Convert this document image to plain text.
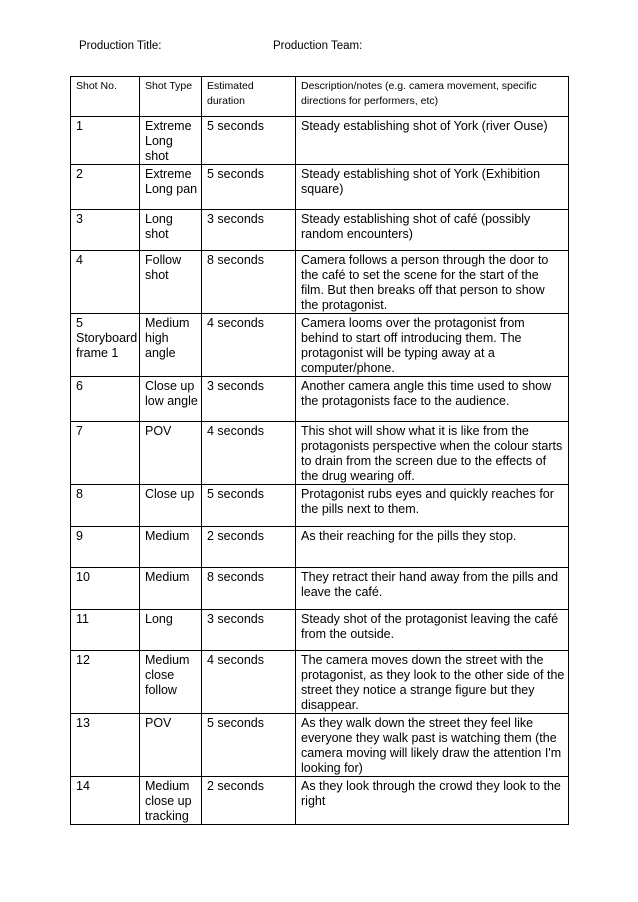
Production Title:	Production Team:
Shot No.	Shot Type	Estimated duration	Description/notes (e.g. camera movement, specific directions for performers, etc)
1	Extreme Long shot	5 seconds	Steady establishing shot of York (river Ouse)
2	Extreme Long pan	5 seconds	Steady establishing shot of York (Exhibition square)
3	Long shot	3 seconds	Steady establishing shot of café (possibly random encounters)
4	Follow shot	8 seconds	Camera follows a person through the door to the café to set the scene for the start of the film. But then breaks off that person to show the protagonist.
5 Storyboard frame 1	Medium high angle	4 seconds	Camera looms over the protagonist from behind to start off introducing them. The protagonist will be typing away at a computer/phone.
6	Close up low angle	3 seconds	Another camera angle this time used to show the protagonists face to the audience.
7	POV	4 seconds	This shot will show what it is like from the protagonists perspective when the colour starts to drain from the screen due to the effects of the drug wearing off.
8	Close up	5 seconds	Protagonist rubs eyes and quickly reaches for the pills next to them.
9	Medium	2 seconds	As their reaching for the pills they stop.
10	Medium	8 seconds	They retract their hand away from the pills and leave the café.
11	Long	3 seconds	Steady shot of the protagonist leaving the café from the outside.
12	Medium close follow	4 seconds	The camera moves down the street with the protagonist, as they look to the other side of the street they notice a strange figure but they disappear.
13	POV	5 seconds	As they walk down the street they feel like everyone they walk past is watching them (the camera moving will likely draw the attention I'm looking for)
14	Medium close up tracking	2 seconds	As they look through the crowd they look to the right
